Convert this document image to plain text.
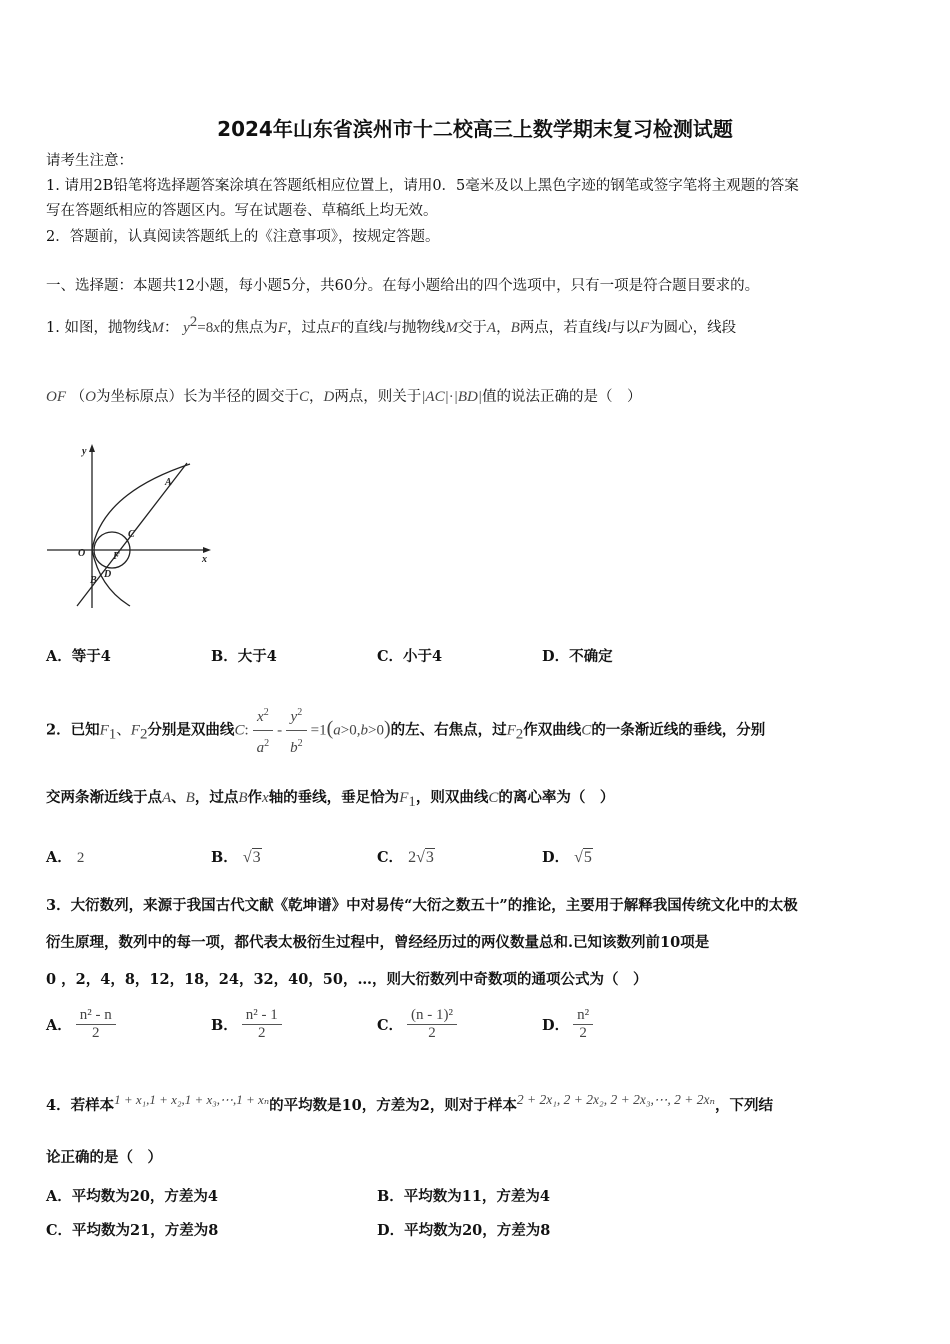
2024年山东省滨州市十二校高三上数学期末复习检测试题
请考生注意：
1. 请用2B铅笔将选择题答案涂填在答题纸相应位置上，请用0．5毫米及以上黑色字迹的钢笔或签字笔将主观题的答案
写在答题纸相应的答题区内。写在试题卷、草稿纸上均无效。
2．答题前，认真阅读答题纸上的《注意事项》，按规定答题。
一、选择题：本题共12小题，每小题5分，共60分。在每小题给出的四个选项中，只有一项是符合题目要求的。
1. 如图，抛物线M： $y^2=8x$的焦点为F，过点F的直线l与抛物线M交于A，B两点，若直线l与以F为圆心，线段
OF （O为坐标原点）长为半径的圆交于C，D两点，则关于|AC|·|BD|值的说法正确的是（　）
y
x
O	F
A
C
D
B
A．等于4	B．大于4	C．小于4	D．不确定
2．已知$F_1$、$F_2$分别是双曲线C: $\frac{x^2}{a^2} - \frac{y^2}{b^2} =1(a>0,b>0)$的左、右焦点，过$F_2$作双曲线C的一条渐近线的垂线，分别
交两条渐近线于点A、B，过点B作x轴的垂线，垂足恰为$F_1$，则双曲线C的离心率为（　）
A． 2	B． √3	C． 2√3	D． √5
3．大衍数列，来源于我国古代文献《乾坤谱》中对易传“大衍之数五十”的推论，主要用于解释我国传统文化中的太极
衍生原理，数列中的每一项，都代表太极衍生过程中，曾经经历过的两仪数量总和.已知该数列前10项是
0 ，2，4，8，12，18，24，32，40，50，…，则大衍数列中奇数项的通项公式为（　）
A． $\frac{\text{n² - n}}{2}$	B． $\frac{\text{n² - 1}}{2}$	C． $\frac{\text{(n - 1)²}}{2}$	D． $\frac{\text{n²}}{2}$
4．若样本1 + x₁,1 + x₂,1 + x₃,⋯,1 + xₙ的平均数是10，方差为2，则对于样本2 + 2x₁, 2 + 2x₂, 2 + 2x₃,⋯, 2 + 2xₙ，下列结
论正确的是（　）
A．平均数为20，方差为4	B．平均数为11，方差为4
C．平均数为21，方差为8	D．平均数为20，方差为8
